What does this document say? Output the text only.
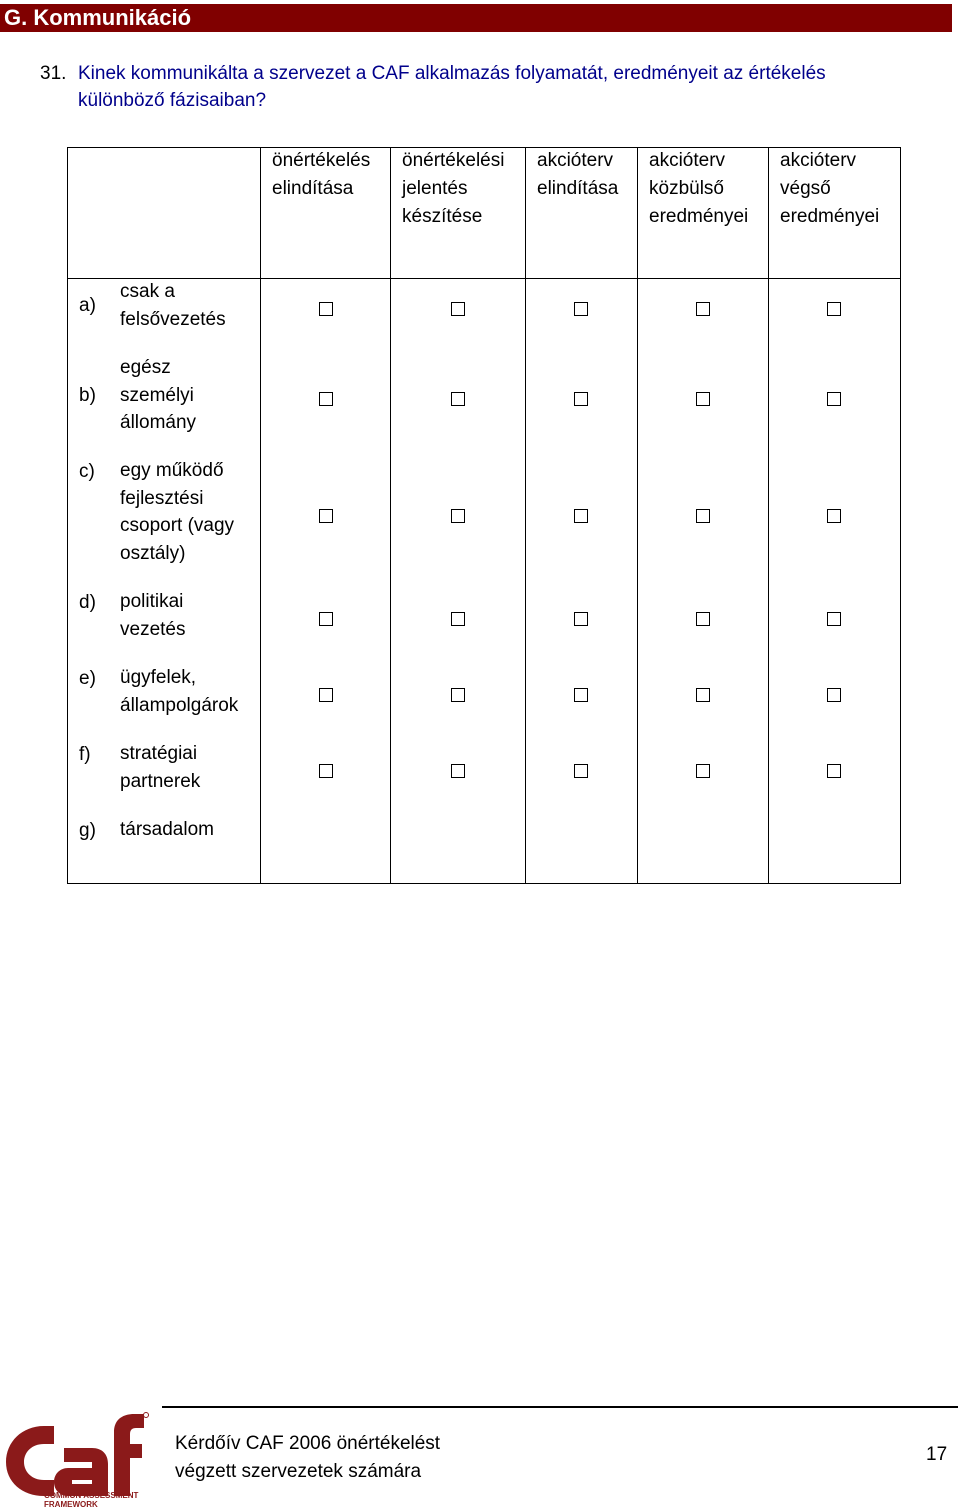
G. Kommunikáció
31. Kinek kommunikálta a szervezet a CAF alkalmazás folyamatát, eredményeit az értékelés
különböző fázisaiban?
önértékelés
elindítása
önértékelési
jelentés
készítése
akcióterv
elindítása
akcióterv
közbülső
eredményei
akcióterv
végső
eredményei
a)
csak a
felsővezetés
b)
egész
személyi
állomány
c) egy működő
fejlesztési
csoport (vagy
osztály)
d) politikai
vezetés
e) ügyfelek,
állampolgárok
f) stratégiai
partnerek
g) társadalom
COMMON ASSESSMENT
FRAMEWORK
Kérdőív CAF 2006 önértékelést
végzett szervezetek számára
17
